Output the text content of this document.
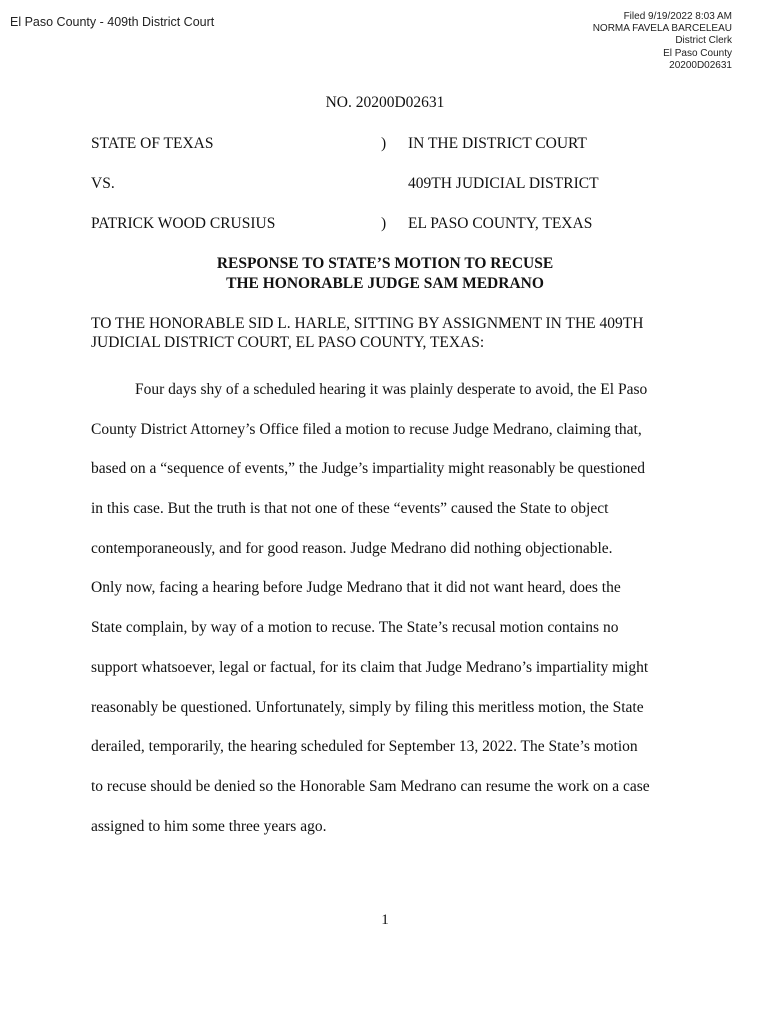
El Paso County - 409th District Court	Filed 9/19/2022 8:03 AM
NORMA FAVELA BARCELEAU
District Clerk
El Paso County
20200D02631
NO. 20200D02631
STATE OF TEXAS	) IN THE DISTRICT COURT
VS.	409TH JUDICIAL DISTRICT
PATRICK WOOD CRUSIUS	) EL PASO COUNTY, TEXAS
RESPONSE TO STATE’S MOTION TO RECUSE
THE HONORABLE JUDGE SAM MEDRANO
TO THE HONORABLE SID L. HARLE, SITTING BY ASSIGNMENT IN THE 409TH
JUDICIAL DISTRICT COURT, EL PASO COUNTY, TEXAS:
Four days shy of a scheduled hearing it was plainly desperate to avoid, the El Paso
County District Attorney’s Office filed a motion to recuse Judge Medrano, claiming that,
based on a “sequence of events,” the Judge’s impartiality might reasonably be questioned
in this case. But the truth is that not one of these “events” caused the State to object
contemporaneously, and for good reason. Judge Medrano did nothing objectionable.
Only now, facing a hearing before Judge Medrano that it did not want heard, does the
State complain, by way of a motion to recuse. The State’s recusal motion contains no
support whatsoever, legal or factual, for its claim that Judge Medrano’s impartiality might
reasonably be questioned. Unfortunately, simply by filing this meritless motion, the State
derailed, temporarily, the hearing scheduled for September 13, 2022. The State’s motion
to recuse should be denied so the Honorable Sam Medrano can resume the work on a case
assigned to him some three years ago.
1
